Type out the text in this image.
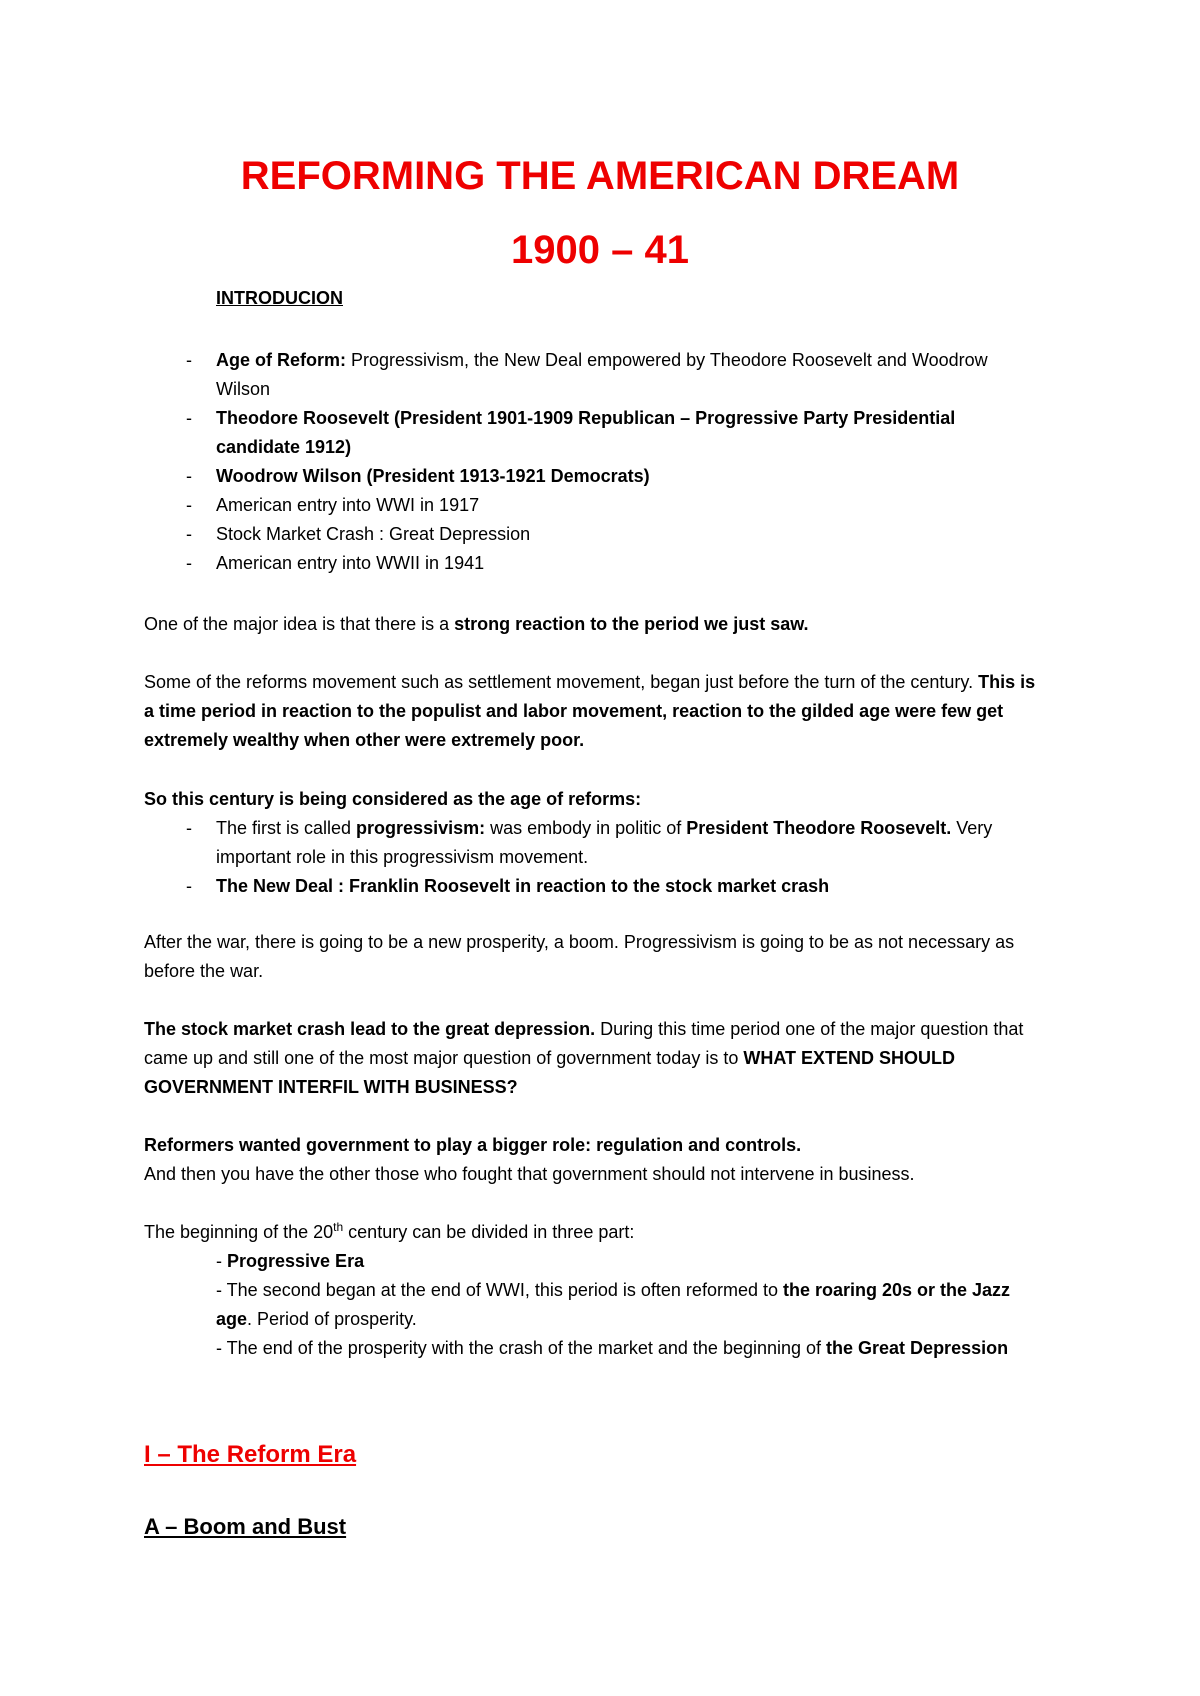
REFORMING THE AMERICAN DREAM
1900 – 41
INTRODUCION
- Age of Reform: Progressivism, the New Deal empowered by Theodore Roosevelt and Woodrow Wilson
- Theodore Roosevelt (President 1901-1909 Republican – Progressive Party Presidential candidate 1912)
- Woodrow Wilson (President 1913-1921 Democrats)
- American entry into WWI in 1917
- Stock Market Crash : Great Depression
- American entry into WWII in 1941

One of the major idea is that there is a strong reaction to the period we just saw.

Some of the reforms movement such as settlement movement, began just before the turn of the century. This is a time period in reaction to the populist and labor movement, reaction to the gilded age were few get extremely wealthy when other were extremely poor.

So this century is being considered as the age of reforms:

- The first is called progressivism: was embody in politic of President Theodore Roosevelt. Very important role in this progressivism movement.
- The New Deal : Franklin Roosevelt in reaction to the stock market crash

After the war, there is going to be a new prosperity, a boom. Progressivism is going to be as not necessary as before the war.

The stock market crash lead to the great depression. During this time period one of the major question that came up and still one of the most major question of government today is to WHAT EXTEND SHOULD GOVERNMENT INTERFIL WITH BUSINESS?

Reformers wanted government to play a bigger role: regulation and controls.
And then you have the other those who fought that government should not intervene in business.

The beginning of the 20th century can be divided in three part:

- Progressive Era
- The second began at the end of WWI, this period is often reformed to the roaring 20s or the Jazz age. Period of prosperity.
- The end of the prosperity with the crash of the market and the beginning of the Great Depression
I – The Reform Era
A – Boom and Bust
